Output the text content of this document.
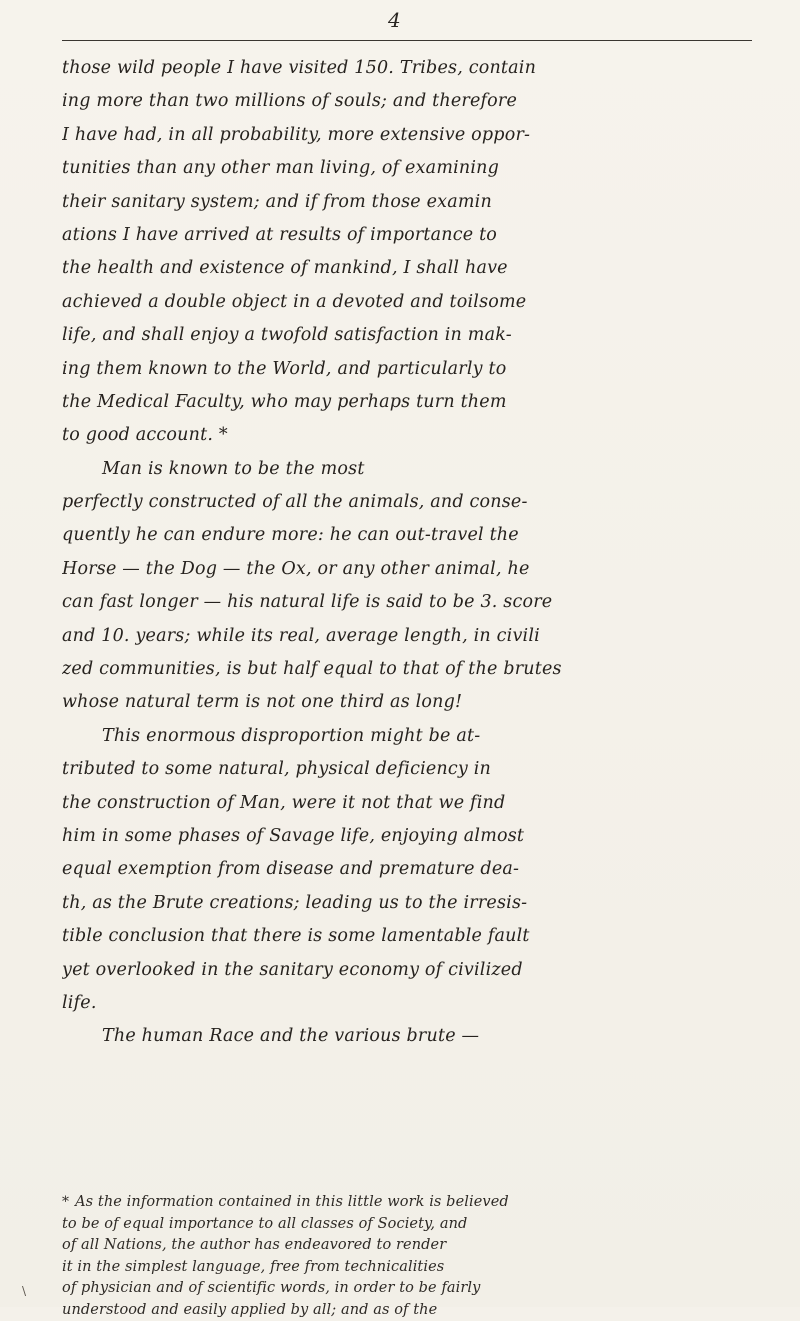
4
those wild people I have visited 150. Tribes, contain
ing more than two millions of souls; and therefore
I have had, in all probability, more extensive oppor-
tunities than any other man living, of examining
their sanitary system; and if from those examin
ations I have arrived at results of importance to
the health and existence of mankind, I shall have
achieved a double object in a devoted and toilsome
life, and shall enjoy a twofold satisfaction in mak-
ing them known to the World, and particularly to
the Medical Faculty, who may perhaps turn them
to good account. *
Man is known to be the most
perfectly constructed of all the animals, and conse-
quently he can endure more: he can out-travel the
Horse — the Dog — the Ox, or any other animal, he
can fast longer — his natural life is said to be 3. score
and 10. years; while its real, average length, in civili
zed communities, is but half equal to that of the brutes
whose natural term is not one third as long!
This enormous disproportion might be at-
tributed to some natural, physical deficiency in
the construction of Man, were it not that we find
him in some phases of Savage life, enjoying almost
equal exemption from disease and premature dea-
th, as the Brute creations; leading us to the irresis-
tible conclusion that there is some lamentable fault
yet overlooked in the sanitary economy of civilized
life.
The human Race and the various brute —
* As the information contained in this little work is believed
to be of equal importance to all classes of Society, and
of all Nations, the author has endeavored to render
it in the simplest language, free from technicalities
of physician and of scientific words, in order to be fairly
understood and easily applied by all; and as of the
\
